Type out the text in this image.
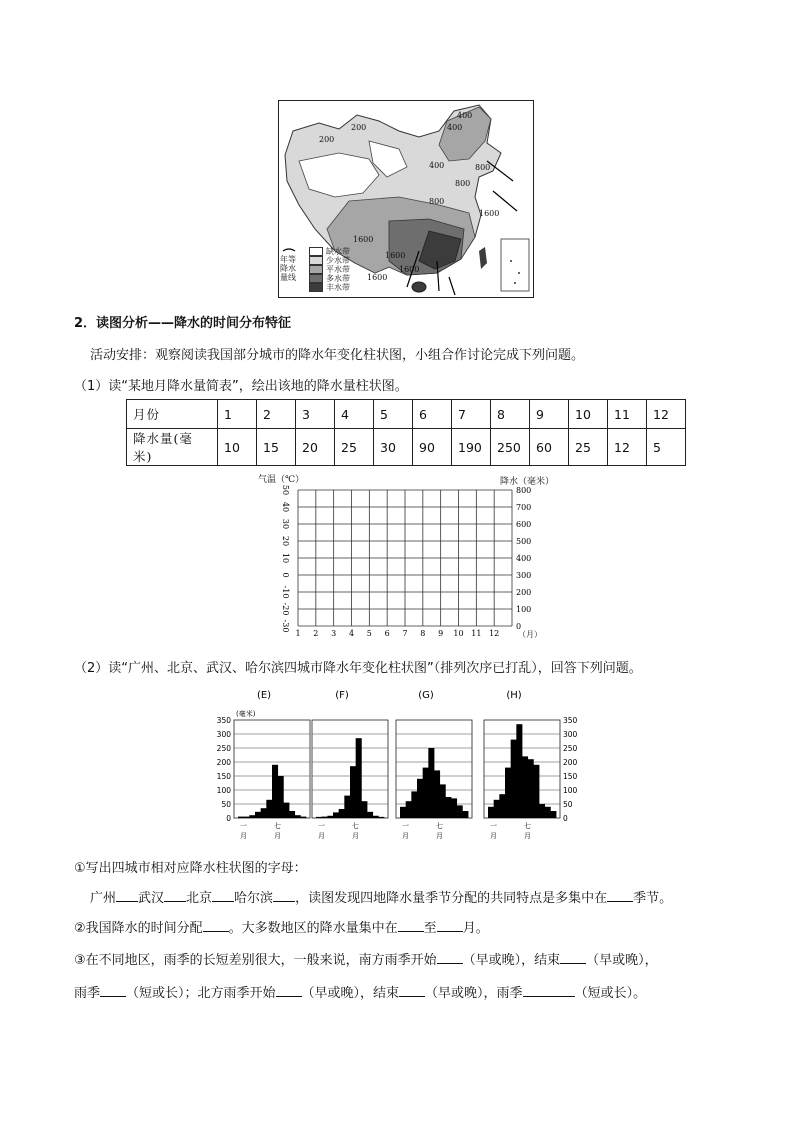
年等降水量线
缺水带
少水带
平水带
多水带
丰水带
400
200
800
1600
1600
1600
800
1600
400
200
800
1600
400
2．读图分析——降水的时间分布特征
活动安排：观察阅读我国部分城市的降水年变化柱状图，小组合作讨论完成下列问题。
（1）读“某地月降水量简表”，绘出该地的降水量柱状图。
月份	1	2	3	4	5	6	7	8	9	10	11	12
降水量(毫米)	10	15	20	25	30	90	190	250	60	25	12	5
气温（℃）	降水（毫米）
50
40
30
20
10
0
-10
-20
-30
800
700
600
500
400
300
200
100
0
1 2 3 4 5 6 7 8 9 10 11 12 （月）
（2）读“广州、北京、武汉、哈尔滨四城市降水年变化柱状图”（排列次序已打乱），回答下列问题。
(E)
一
月
七
月
350
300
250
200
150
100
50
0
(毫米)
(F)
一
月
七
月
(G)
一
月
七
月
(H)
一
月
七
月
350
300
250
200
150
100
50
0
①写出四城市相对应降水柱状图的字母：
广州 武汉 北京 哈尔滨 ，读图发现四地降水量季节分配的共同特点是多集中在 季节。
②我国降水的时间分配 。大多数地区的降水量集中在 至 月。
③在不同地区，雨季的长短差别很大，一般来说，南方雨季开始 （早或晚），结束 （早或晚），
雨季 （短或长）；北方雨季开始 （早或晚），结束 （早或晚），雨季	（短或长）。
